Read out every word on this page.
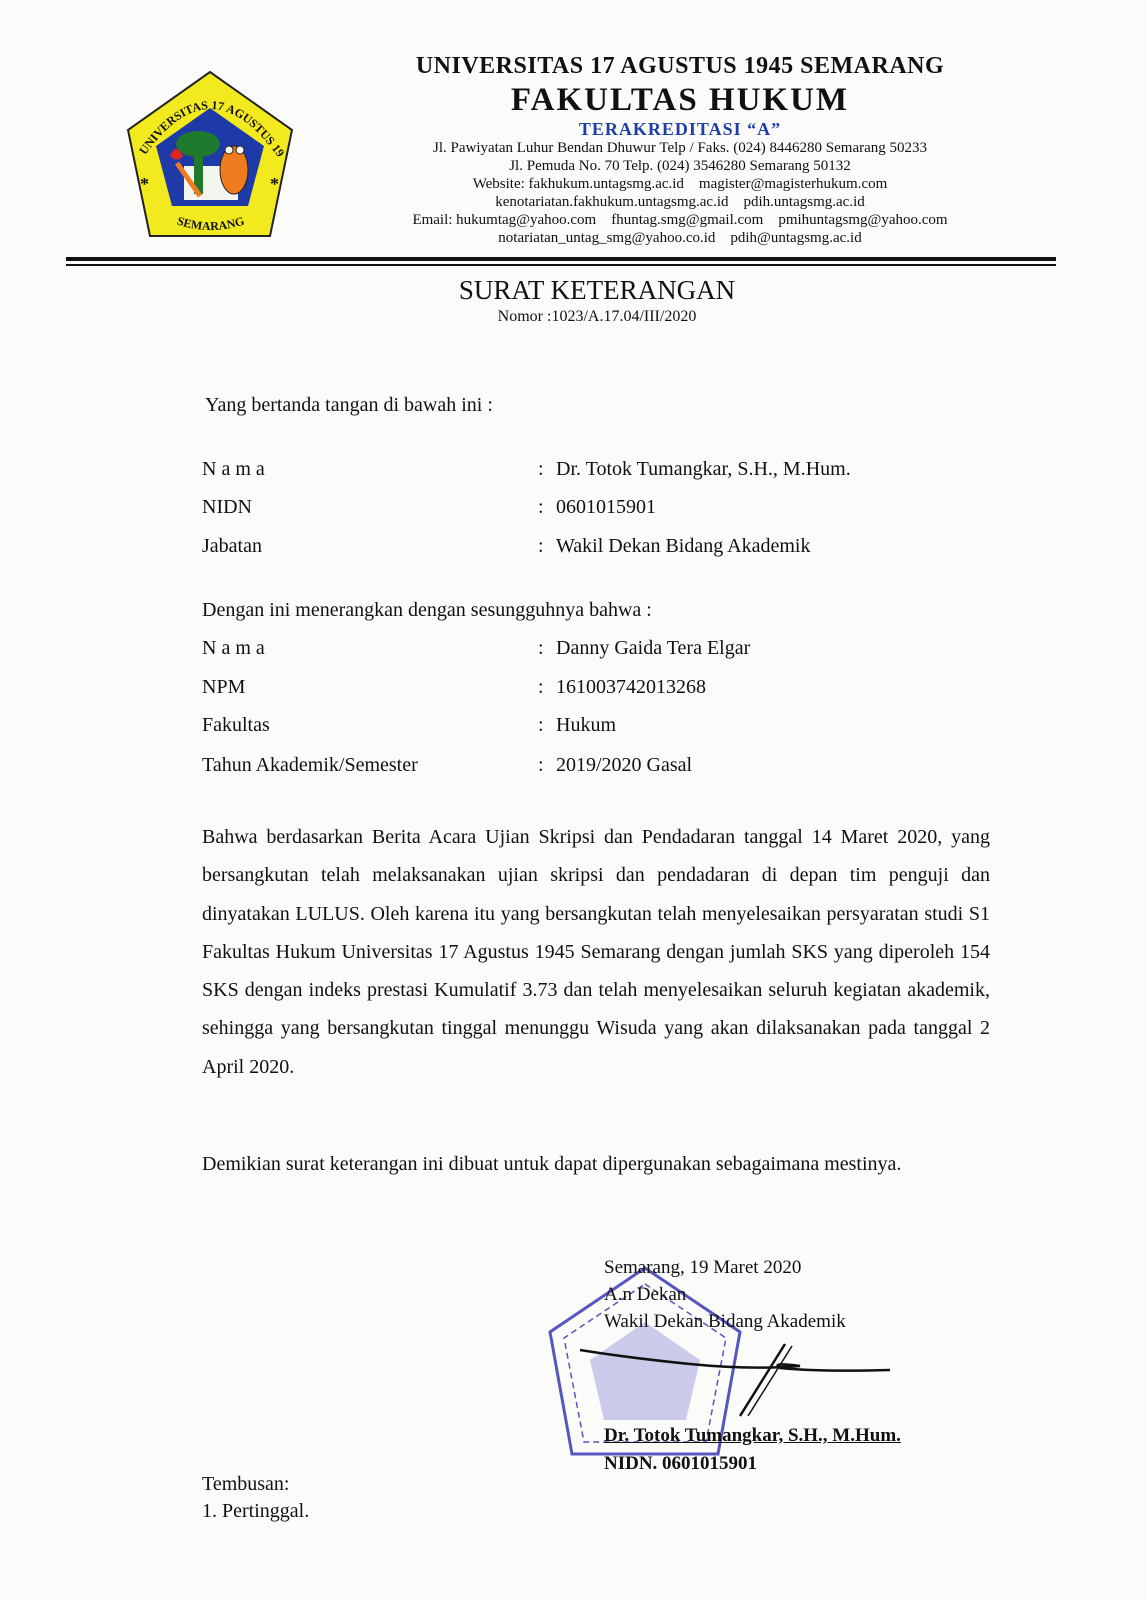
*	*
UNIVERSITAS 17 AGUSTUS 19
SEMARANG
UNIVERSITAS 17 AGUSTUS 1945 SEMARANG
FAKULTAS HUKUM
TERAKREDITASI “A”
Jl. Pawiyatan Luhur Bendan Dhuwur Telp / Faks. (024) 8446280 Semarang 50233
Jl. Pemuda No. 70 Telp. (024) 3546280 Semarang 50132
Website: fakhukum.untagsmg.ac.id    magister@magisterhukum.com
kenotariatan.fakhukum.untagsmg.ac.id    pdih.untagsmg.ac.id
Email: hukumtag@yahoo.com    fhuntag.smg@gmail.com    pmihuntagsmg@yahoo.com
notariatan_untag_smg@yahoo.co.id    pdih@untagsmg.ac.id
SURAT KETERANGAN
Nomor :1023/A.17.04/III/2020
Yang bertanda tangan di bawah ini :
N a m a	: Dr. Totok Tumangkar, S.H., M.Hum.
NIDN	: 0601015901
Jabatan	: Wakil Dekan Bidang Akademik
Dengan ini menerangkan dengan sesungguhnya bahwa :
N a m a	: Danny Gaida Tera Elgar
NPM	: 161003742013268
Fakultas	: Hukum
Tahun Akademik/Semester	: 2019/2020 Gasal
Bahwa berdasarkan Berita Acara Ujian Skripsi dan Pendadaran tanggal 14 Maret 2020, yang bersangkutan telah melaksanakan ujian skripsi dan pendadaran di depan tim penguji dan dinyatakan LULUS. Oleh karena itu yang bersangkutan telah menyelesaikan persyaratan studi S1 Fakultas Hukum Universitas 17 Agustus 1945 Semarang dengan jumlah SKS yang diperoleh 154 SKS dengan indeks prestasi Kumulatif 3.73 dan telah menyelesaikan seluruh kegiatan akademik, sehingga yang bersangkutan tinggal menunggu Wisuda yang akan dilaksanakan pada tanggal 2 April 2020.
Demikian surat keterangan ini dibuat untuk dapat dipergunakan sebagaimana mestinya.
Semarang, 19 Maret 2020
A.n Dekan
Wakil Dekan Bidang Akademik
Dr. Totok Tumangkar, S.H., M.Hum.
NIDN. 0601015901
Tembusan:
1. Pertinggal.
